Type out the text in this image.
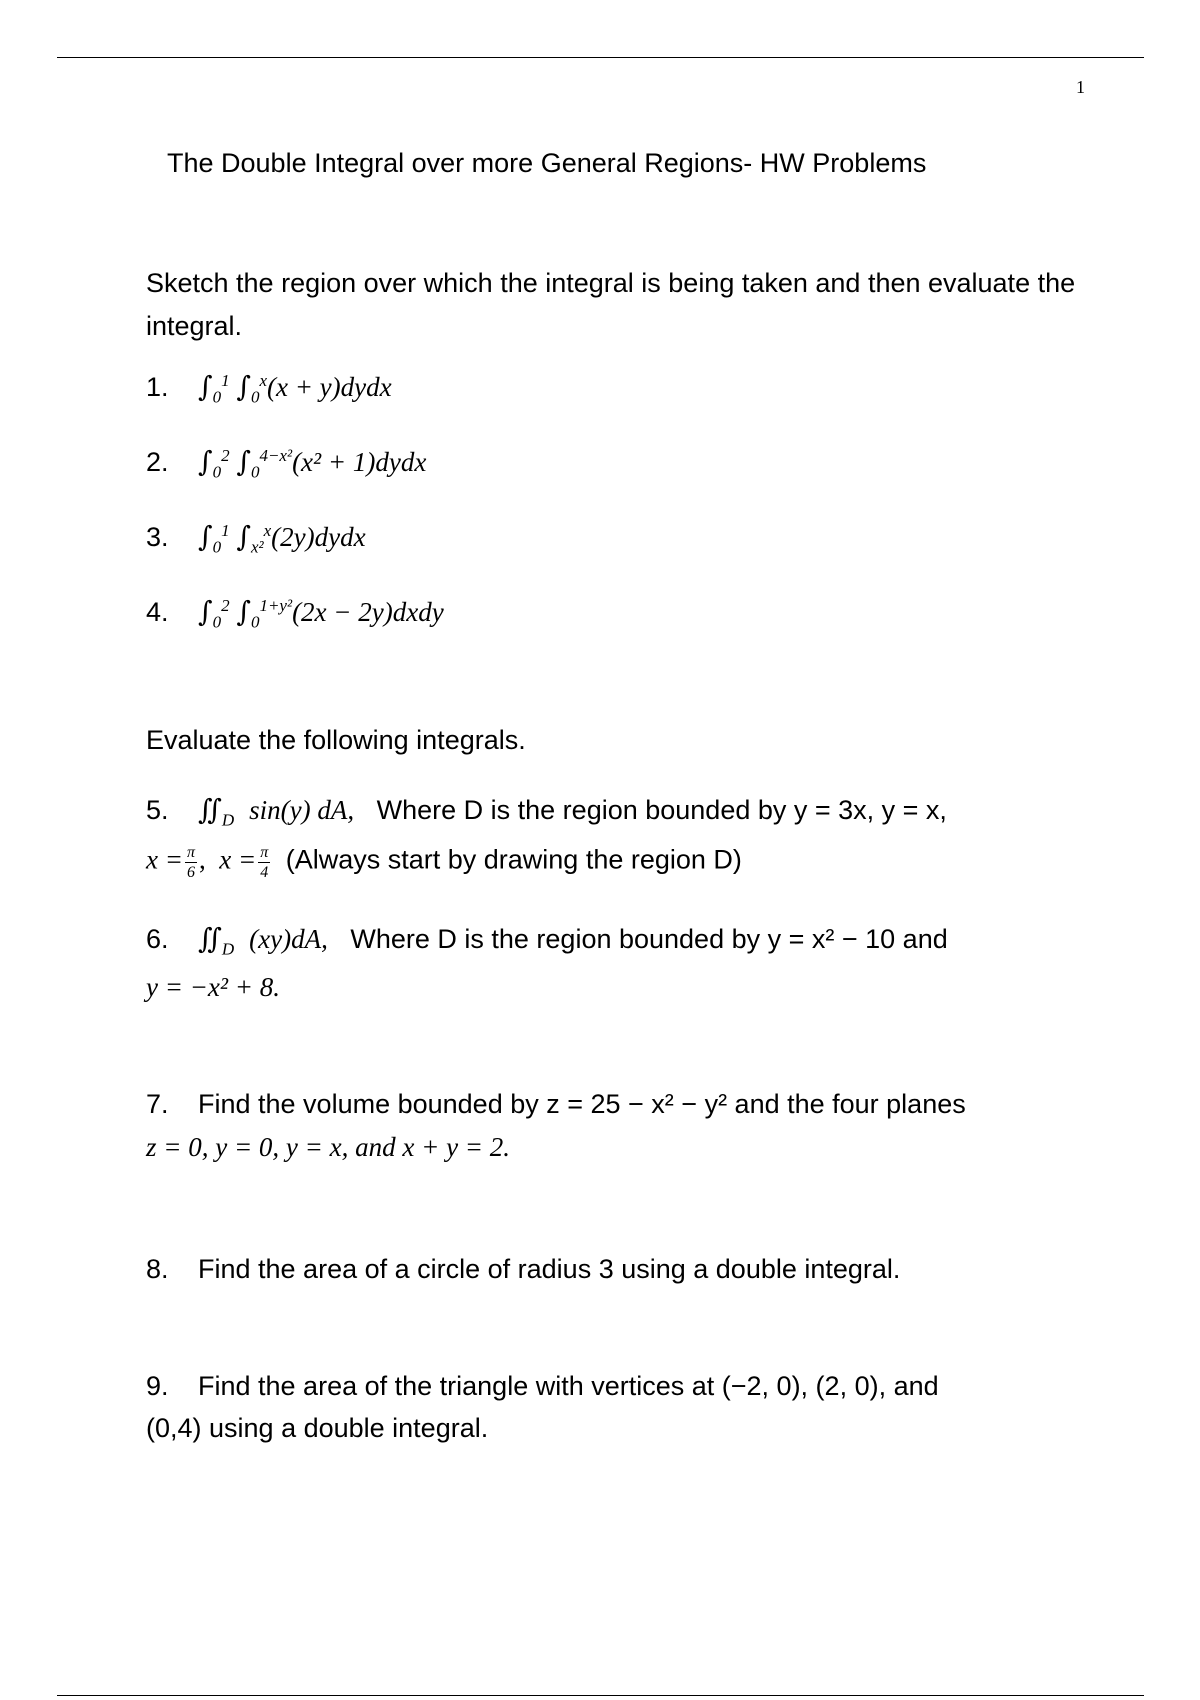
1
The Double Integral over more General Regions- HW Problems
Sketch the region over which the integral is being taken and then evaluate the integral.
1. $\int_0^1$ $\int_0^x(x$ + y)dydx
2. $\int_0^2$ $\int_0^{4-x^2}(x^2$ + 1)dydx
3. $\int_0^1$ $\int_{x^2}^x(2y)dydx$
4. $\int_0^2$ $\int_0^{1+y^2}(2x$ − 2y)dxdy
Evaluate the following integrals.
5. $∬_D$ sin(y) dA, Where D is the region bounded by y = 3x, y = x,
$x = \frac{\pi}{6}$ , $x = \frac{\pi}{4}$ (Always start by drawing the region D)
6. $∬_D$ (xy)dA, Where D is the region bounded by y = x² − 10 and
y = −x² + 8.
7. Find the volume bounded by z = 25 − x² − y² and the four planes
z = 0, y = 0, y = x, and x + y = 2.
8. Find the area of a circle of radius 3 using a double integral.
9. Find the area of the triangle with vertices at (−2, 0), (2, 0), and
(0,4) using a double integral.
